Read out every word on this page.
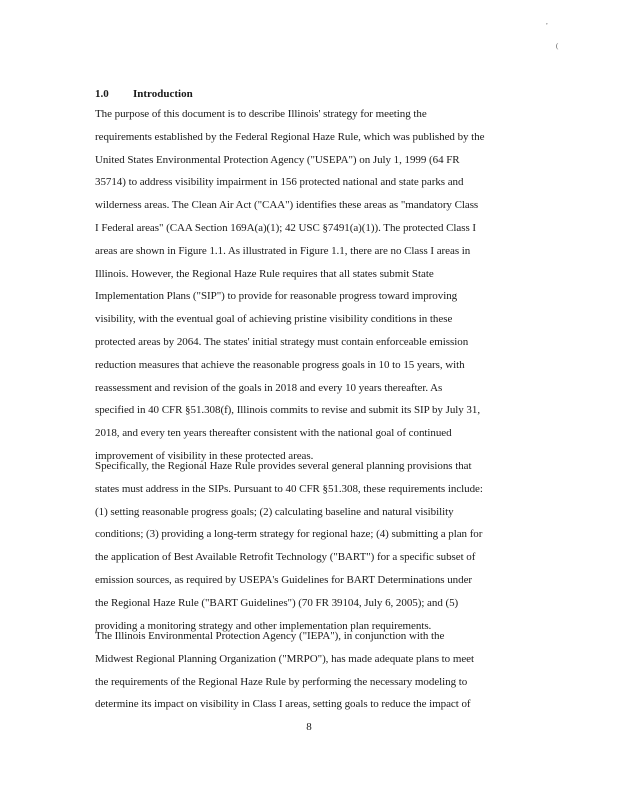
,
(
1.0 Introduction
The purpose of this document is to describe Illinois' strategy for meeting the
requirements established by the Federal Regional Haze Rule, which was published by the
United States Environmental Protection Agency ("USEPA") on July 1, 1999 (64 FR
35714) to address visibility impairment in 156 protected national and state parks and
wilderness areas. The Clean Air Act ("CAA") identifies these areas as "mandatory Class
I Federal areas" (CAA Section 169A(a)(1); 42 USC §7491(a)(1)). The protected Class I
areas are shown in Figure 1.1. As illustrated in Figure 1.1, there are no Class I areas in
Illinois. However, the Regional Haze Rule requires that all states submit State
Implementation Plans ("SIP") to provide for reasonable progress toward improving
visibility, with the eventual goal of achieving pristine visibility conditions in these
protected areas by 2064. The states' initial strategy must contain enforceable emission
reduction measures that achieve the reasonable progress goals in 10 to 15 years, with
reassessment and revision of the goals in 2018 and every 10 years thereafter. As
specified in 40 CFR §51.308(f), Illinois commits to revise and submit its SIP by July 31,
2018, and every ten years thereafter consistent with the national goal of continued
improvement of visibility in these protected areas.
Specifically, the Regional Haze Rule provides several general planning provisions that
states must address in the SIPs. Pursuant to 40 CFR §51.308, these requirements include:
(1) setting reasonable progress goals; (2) calculating baseline and natural visibility
conditions; (3) providing a long-term strategy for regional haze; (4) submitting a plan for
the application of Best Available Retrofit Technology ("BART") for a specific subset of
emission sources, as required by USEPA's Guidelines for BART Determinations under
the Regional Haze Rule ("BART Guidelines") (70 FR 39104, July 6, 2005); and (5)
providing a monitoring strategy and other implementation plan requirements.
The Illinois Environmental Protection Agency ("IEPA"), in conjunction with the
Midwest Regional Planning Organization ("MRPO"), has made adequate plans to meet
the requirements of the Regional Haze Rule by performing the necessary modeling to
determine its impact on visibility in Class I areas, setting goals to reduce the impact of
8
